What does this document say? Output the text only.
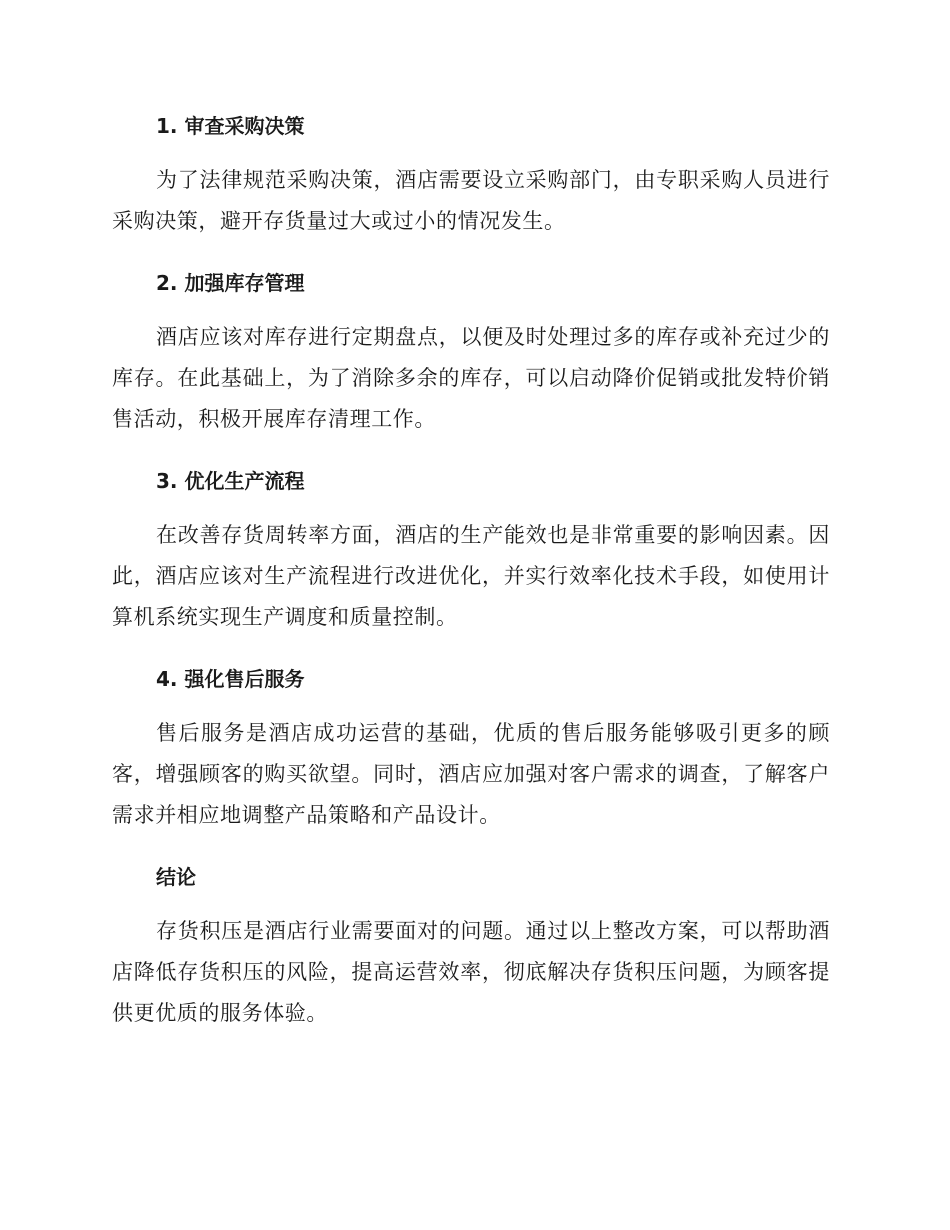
1. 审查采购决策

为了法律规范采购决策，酒店需要设立采购部门，由专职采购人员进行采购决策，避开存货量过大或过小的情况发生。

2. 加强库存管理

酒店应该对库存进行定期盘点，以便及时处理过多的库存或补充过少的库存。在此基础上，为了消除多余的库存，可以启动降价促销或批发特价销售活动，积极开展库存清理工作。

3. 优化生产流程

在改善存货周转率方面，酒店的生产能效也是非常重要的影响因素。因此，酒店应该对生产流程进行改进优化，并实行效率化技术手段，如使用计算机系统实现生产调度和质量控制。

4. 强化售后服务

售后服务是酒店成功运营的基础，优质的售后服务能够吸引更多的顾客，增强顾客的购买欲望。同时，酒店应加强对客户需求的调查，了解客户需求并相应地调整产品策略和产品设计。

结论

存货积压是酒店行业需要面对的问题。通过以上整改方案，可以帮助酒店降低存货积压的风险，提高运营效率，彻底解决存货积压问题，为顾客提供更优质的服务体验。
